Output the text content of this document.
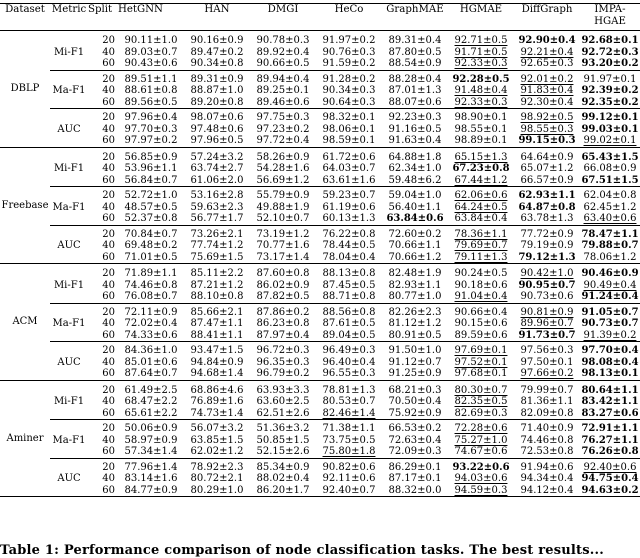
Dataset	Metric	Split	HetGNN	HAN	DMGI	HeCo	GraphMAE	HGMAE	DiffGraph	IMPA-
HGAE
DBLP										
	Mi-F1	20	90.11±1.0	90.16±0.9	90.78±0.3	91.97±0.2	89.31±0.4	92.71±0.5	92.90±0.4	92.68±0.1
		40	89.03±0.7	89.47±0.2	89.92±0.4	90.76±0.3	87.80±0.5	91.71±0.5	92.21±0.4	92.72±0.3
		60	90.43±0.6	90.34±0.8	90.66±0.5	91.59±0.2	88.54±0.9	92.33±0.3	92.65±0.3	93.20±0.2

	Ma-F1	20	89.51±1.1	89.31±0.9	89.94±0.4	91.28±0.2	88.28±0.4	92.28±0.5	92.01±0.2	91.97±0.1
		40	88.61±0.8	88.87±1.0	89.25±0.1	90.34±0.3	87.01±1.3	91.48±0.4	91.83±0.4	92.39±0.2
		60	89.56±0.5	89.20±0.8	89.46±0.6	90.64±0.3	88.07±0.6	92.33±0.3	92.30±0.4	92.35±0.2

	AUC	20	97.96±0.4	98.07±0.6	97.75±0.3	98.32±0.1	92.23±0.3	98.90±0.1	98.92±0.5	99.12±0.1
		40	97.70±0.3	97.48±0.6	97.23±0.2	98.06±0.1	91.16±0.5	98.55±0.1	98.55±0.3	99.03±0.1
		60	97.97±0.2	97.96±0.5	97.72±0.4	98.59±0.1	91.63±0.4	98.89±0.1	99.15±0.3	99.02±0.1
Freebase										
	Mi-F1	20	56.85±0.9	57.24±3.2	58.26±0.9	61.72±0.6	64.88±1.8	65.15±1.3	64.64±0.9	65.43±1.5
		40	53.96±1.1	63.74±2.7	54.28±1.6	64.03±0.7	62.34±1.0	67.23±0.8	65.07±1.2	66.08±0.9
		60	56.84±0.7	61.06±2.0	56.69±1.2	63.61±1.6	59.48±6.2	67.44±1.2	66.57±0.9	67.51±1.5

	Ma-F1	20	52.72±1.0	53.16±2.8	55.79±0.9	59.23±0.7	59.04±1.0	62.06±0.6	62.93±1.1	62.04±0.8
		40	48.57±0.5	59.63±2.3	49.88±1.9	61.19±0.6	56.40±1.1	64.24±0.5	64.87±0.8	62.45±1.2
		60	52.37±0.8	56.77±1.7	52.10±0.7	60.13±1.3	63.84±0.6	63.84±0.4	63.78±1.3	63.40±0.6

	AUC	20	70.84±0.7	73.26±2.1	73.19±1.2	76.22±0.8	72.60±0.2	78.36±1.1	77.72±0.9	78.47±1.1
		40	69.48±0.2	77.74±1.2	70.77±1.6	78.44±0.5	70.66±1.1	79.69±0.7	79.19±0.9	79.88±0.7
		60	71.01±0.5	75.69±1.5	73.17±1.4	78.04±0.4	70.66±1.2	79.11±1.3	79.12±1.3	78.06±1.2
ACM										
	Mi-F1	20	71.89±1.1	85.11±2.2	87.60±0.8	88.13±0.8	82.48±1.9	90.24±0.5	90.42±1.0	90.46±0.9
		40	74.46±0.8	87.21±1.2	86.02±0.9	87.45±0.5	82.93±1.1	90.18±0.6	90.95±0.7	90.49±0.4
		60	76.08±0.7	88.10±0.8	87.82±0.5	88.71±0.8	80.77±1.0	91.04±0.4	90.73±0.6	91.24±0.4

	Ma-F1	20	72.11±0.9	85.66±2.1	87.86±0.2	88.56±0.8	82.26±2.3	90.66±0.4	90.81±0.9	91.05±0.7
		40	72.02±0.4	87.47±1.1	86.23±0.8	87.61±0.5	81.12±1.2	90.15±0.6	89.96±0.7	90.73±0.7
		60	74.33±0.6	88.41±1.1	87.97±0.4	89.04±0.5	80.91±0.5	89.59±0.6	91.73±0.7	91.39±0.2

	AUC	20	84.36±1.0	93.47±1.5	96.72±0.3	96.49±0.3	91.50±1.0	97.69±0.1	97.56±0.3	97.70±0.4
		40	85.01±0.6	94.84±0.9	96.35±0.3	96.40±0.4	91.12±0.7	97.52±0.1	97.50±0.1	98.08±0.4
		60	87.64±0.7	94.68±1.4	96.79±0.2	96.55±0.3	91.25±0.9	97.68±0.1	97.66±0.2	98.13±0.1
Aminer										
	Mi-F1	20	61.49±2.5	68.86±4.6	63.93±3.3	78.81±1.3	68.21±0.3	80.30±0.7	79.99±0.7	80.64±1.1
		40	68.47±2.2	76.89±1.6	63.60±2.5	80.53±0.7	70.50±0.4	82.35±0.5	81.36±1.1	83.42±1.1
		60	65.61±2.2	74.73±1.4	62.51±2.6	82.46±1.4	75.92±0.9	82.69±0.3	82.09±0.8	83.27±0.6

	Ma-F1	20	50.06±0.9	56.07±3.2	51.36±3.2	71.38±1.1	66.53±0.2	72.28±0.6	71.40±0.9	72.91±1.1
		40	58.97±0.9	63.85±1.5	50.85±1.5	73.75±0.5	72.63±0.4	75.27±1.0	74.46±0.8	76.27±1.1
		60	57.34±1.4	62.02±1.2	52.15±2.6	75.80±1.8	72.09±0.3	74.67±0.6	72.53±0.8	76.26±0.8

	AUC	20	77.96±1.4	78.92±2.3	85.34±0.9	90.82±0.6	86.29±0.1	93.22±0.6	91.94±0.6	92.40±0.6
		40	83.14±1.6	80.72±2.1	88.02±0.4	92.11±0.6	87.17±0.1	94.03±0.6	94.34±0.4	94.75±0.4
		60	84.77±0.9	80.29±1.0	86.20±1.7	92.40±0.7	88.32±0.0	94.59±0.3	94.12±0.4	94.63±0.2
Table 1: Performance comparison of node classification tasks. The best results...
